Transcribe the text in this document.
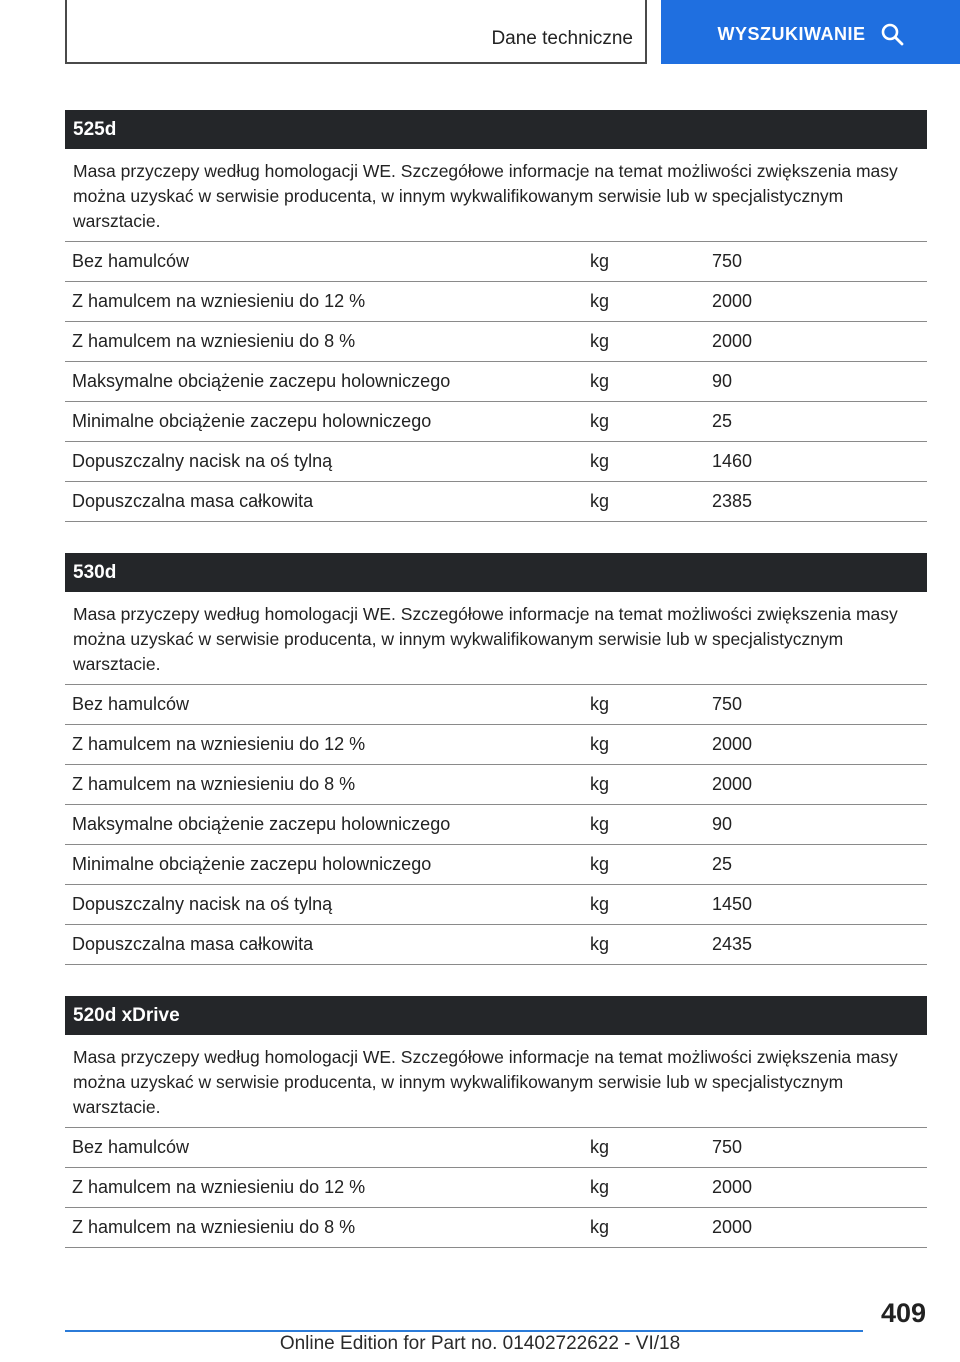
Dane techniczne	WYSZUKIWANIE
525d
Masa przyczepy według homologacji WE. Szczegółowe informacje na temat możliwości zwiększenia masy można uzyskać w serwisie producenta, w innym wykwalifikowanym serwisie lub w specjalistycznym warsztacie.
Bez hamulców	kg	750
Z hamulcem na wzniesieniu do 12 %	kg	2000
Z hamulcem na wzniesieniu do 8 %	kg	2000
Maksymalne obciążenie zaczepu holowniczego	kg	90
Minimalne obciążenie zaczepu holowniczego	kg	25
Dopuszczalny nacisk na oś tylną	kg	1460
Dopuszczalna masa całkowita	kg	2385
530d
Masa przyczepy według homologacji WE. Szczegółowe informacje na temat możliwości zwiększenia masy można uzyskać w serwisie producenta, w innym wykwalifikowanym serwisie lub w specjalistycznym warsztacie.
Bez hamulców	kg	750
Z hamulcem na wzniesieniu do 12 %	kg	2000
Z hamulcem na wzniesieniu do 8 %	kg	2000
Maksymalne obciążenie zaczepu holowniczego	kg	90
Minimalne obciążenie zaczepu holowniczego	kg	25
Dopuszczalny nacisk na oś tylną	kg	1450
Dopuszczalna masa całkowita	kg	2435
520d xDrive
Masa przyczepy według homologacji WE. Szczegółowe informacje na temat możliwości zwiększenia masy można uzyskać w serwisie producenta, w innym wykwalifikowanym serwisie lub w specjalistycznym warsztacie.
Bez hamulców	kg	750
Z hamulcem na wzniesieniu do 12 %	kg	2000
Z hamulcem na wzniesieniu do 8 %	kg	2000
409
Online Edition for Part no. 01402722622 - VI/18
